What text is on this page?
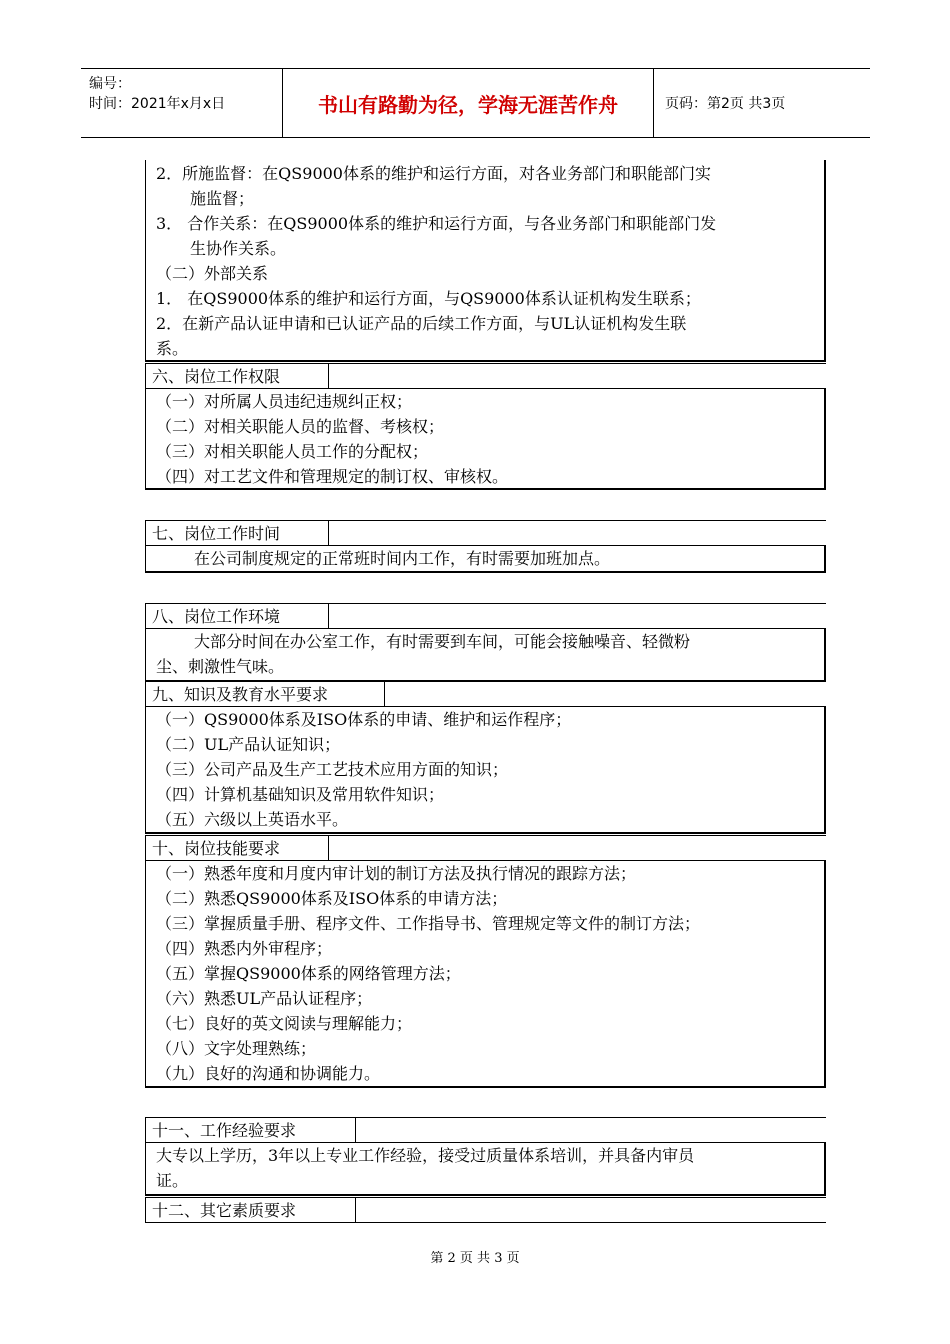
编号：
时间：2021年x月x日	书山有路勤为径，学海无涯苦作舟	页码：第2页 共3页
2．所施监督：在QS9000体系的维护和运行方面，对各业务部门和职能部门实
施监督；
3． 合作关系：在QS9000体系的维护和运行方面，与各业务部门和职能部门发
生协作关系。
（二）外部关系
1． 在QS9000体系的维护和运行方面，与QS9000体系认证机构发生联系；
2．在新产品认证申请和已认证产品的后续工作方面，与UL认证机构发生联
系。
六、岗位工作权限
（一）对所属人员违纪违规纠正权；
（二）对相关职能人员的监督、考核权；
（三）对相关职能人员工作的分配权；
（四）对工艺文件和管理规定的制订权、审核权。
七、岗位工作时间
在公司制度规定的正常班时间内工作，有时需要加班加点。
八、岗位工作环境
大部分时间在办公室工作，有时需要到车间，可能会接触噪音、轻微粉
尘、刺激性气味。
九、知识及教育水平要求
（一）QS9000体系及ISO体系的申请、维护和运作程序；
（二）UL产品认证知识；
（三）公司产品及生产工艺技术应用方面的知识；
（四）计算机基础知识及常用软件知识；
（五）六级以上英语水平。
十、岗位技能要求
（一）熟悉年度和月度内审计划的制订方法及执行情况的跟踪方法；
（二）熟悉QS9000体系及ISO体系的申请方法；
（三）掌握质量手册、程序文件、工作指导书、管理规定等文件的制订方法；
（四）熟悉内外审程序；
（五）掌握QS9000体系的网络管理方法；
（六）熟悉UL产品认证程序；
（七）良好的英文阅读与理解能力；
（八）文字处理熟练；
（九）良好的沟通和协调能力。
十一、工作经验要求
大专以上学历，3年以上专业工作经验，接受过质量体系培训，并具备内审员
证。
十二、其它素质要求
第 2 页 共 3 页
